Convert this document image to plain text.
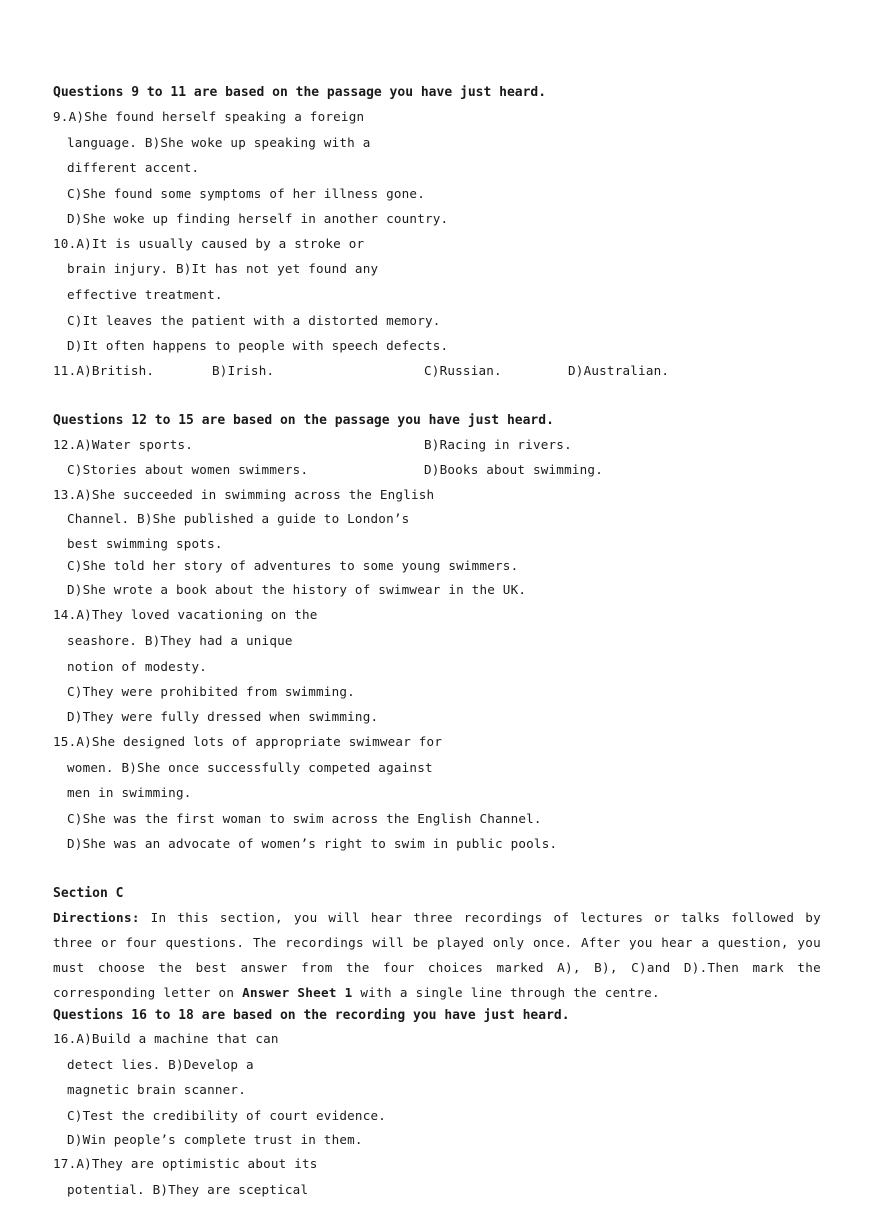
Questions 9 to 11 are based on the passage you have just heard.
9.A)She found herself speaking a foreign
language. B)She woke up speaking with a
different accent.
C)She found some symptoms of her illness gone.
D)She woke up finding herself in another country.
10.A)It is usually caused by a stroke or
brain injury. B)It has not yet found any
effective treatment.
C)It leaves the patient with a distorted memory.
D)It often happens to people with speech defects.
11.A)British.	B)Irish.	C)Russian.	D)Australian.
Questions 12 to 15 are based on the passage you have just heard.
12.A)Water sports.	B)Racing in rivers.
C)Stories about women swimmers.	D)Books about swimming.
13.A)She succeeded in swimming across the English
Channel. B)She published a guide to London’s
best swimming spots.
C)She told her story of adventures to some young swimmers.
D)She wrote a book about the history of swimwear in the UK.
14.A)They loved vacationing on the
seashore. B)They had a unique
notion of modesty.
C)They were prohibited from swimming.
D)They were fully dressed when swimming.
15.A)She designed lots of appropriate swimwear for
women. B)She once successfully competed against
men in swimming.
C)She was the first woman to swim across the English Channel.
D)She was an advocate of women’s right to swim in public pools.
Section C
Directions: In this section, you will hear three recordings of lectures or talks followed by three or four questions. The recordings will be played only once. After you hear a question, you must choose the best answer from the four choices marked A), B), C)and D).Then mark the corresponding letter on Answer Sheet 1 with a single line through the centre.
Questions 16 to 18 are based on the recording you have just heard.
16.A)Build a machine that can
detect lies. B)Develop a
magnetic brain scanner.
C)Test the credibility of court evidence.
D)Win people’s complete trust in them.
17.A)They are optimistic about its
potential. B)They are sceptical
